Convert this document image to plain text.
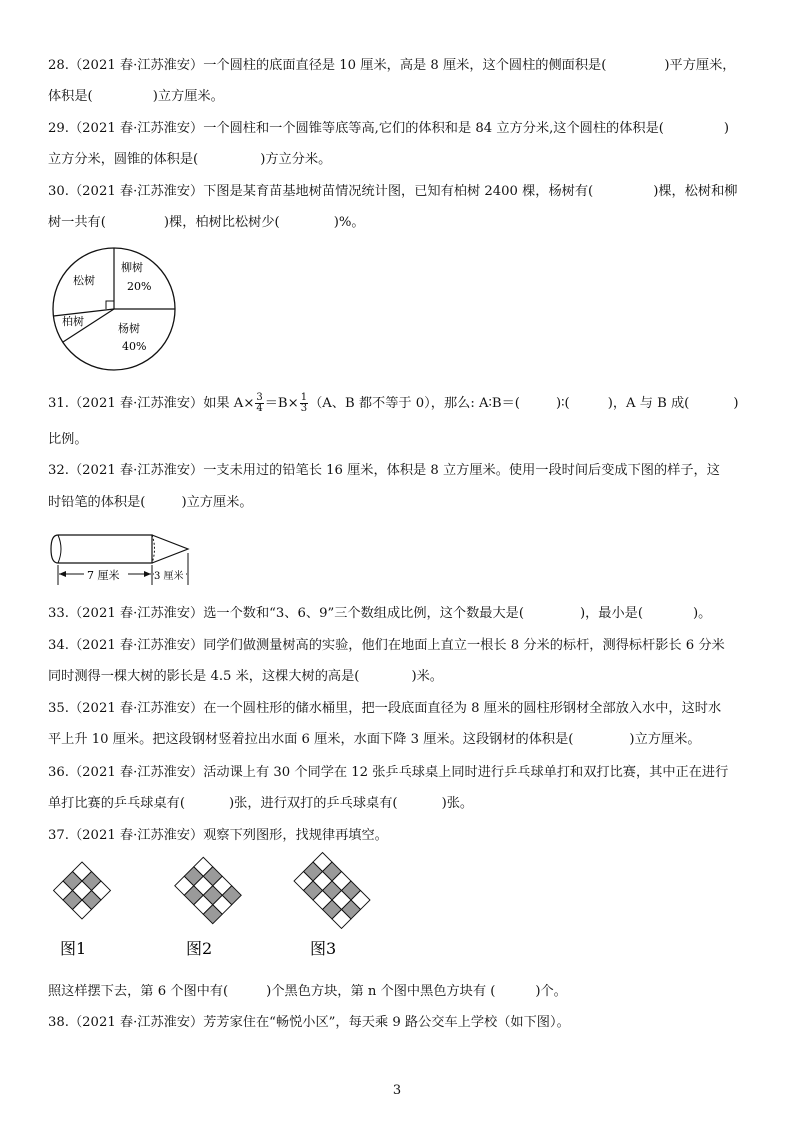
28.（2021 春·江苏淮安）一个圆柱的底面直径是 10 厘米，高是 8 厘米，这个圆柱的侧面积是(	)平方厘米，
体积是(	)立方厘米。
29.（2021 春·江苏淮安）一个圆柱和一个圆锥等底等高,它们的体积和是 84 立方分米,这个圆柱的体积是(	)
立方分米，圆锥的体积是(	)方立分米。
30.（2021 春·江苏淮安）下图是某育苗基地树苗情况统计图，已知有柏树 2400 棵，杨树有(	)棵，松树和柳
树一共有(	)棵，柏树比松树少(	)%。
松树
柳树
20%
柏树
杨树
40%
31.（2021 春·江苏淮安）如果 $A\times \frac{3}{4} =B\times \frac{1}{3} (A$、B 都不等于 0），那么: A∶B＝(	)∶(	)，A 与 B 成(	)
比例。
32.（2021 春·江苏淮安）一支未用过的铅笔长 16 厘米，体积是 8 立方厘米。使用一段时间后变成下图的样子，这
时铅笔的体积是(	)立方厘米。
7 厘米	3 厘米
33.（2021 春·江苏淮安）选一个数和“3、6、9”三个数组成比例，这个数最大是(	)，最小是(	)。
34.（2021 春·江苏淮安）同学们做测量树高的实验，他们在地面上直立一根长 8 分米的标杆，测得标杆影长 6 分米
同时测得一棵大树的影长是 4.5 米，这棵大树的高是(	)米。
35.（2021 春·江苏淮安）在一个圆柱形的储水桶里，把一段底面直径为 8 厘米的圆柱形钢材全部放入水中，这时水
平上升 10 厘米。把这段钢材竖着拉出水面 6 厘米，水面下降 3 厘米。这段钢材的体积是(	)立方厘米。
36.（2021 春·江苏淮安）活动课上有 30 个同学在 12 张乒乓球桌上同时进行乒乓球单打和双打比赛，其中正在进行
单打比赛的乒乓球桌有(	)张，进行双打的乒乓球桌有(	)张。
37.（2021 春·江苏淮安）观察下列图形，找规律再填空。
图1	图2	图3
照这样摆下去，第 6 个图中有(	)个黑色方块，第 n 个图中黑色方块有 (	)个。
38.（2021 春·江苏淮安）芳芳家住在“畅悦小区”，每天乘 9 路公交车上学校（如下图）。
3
